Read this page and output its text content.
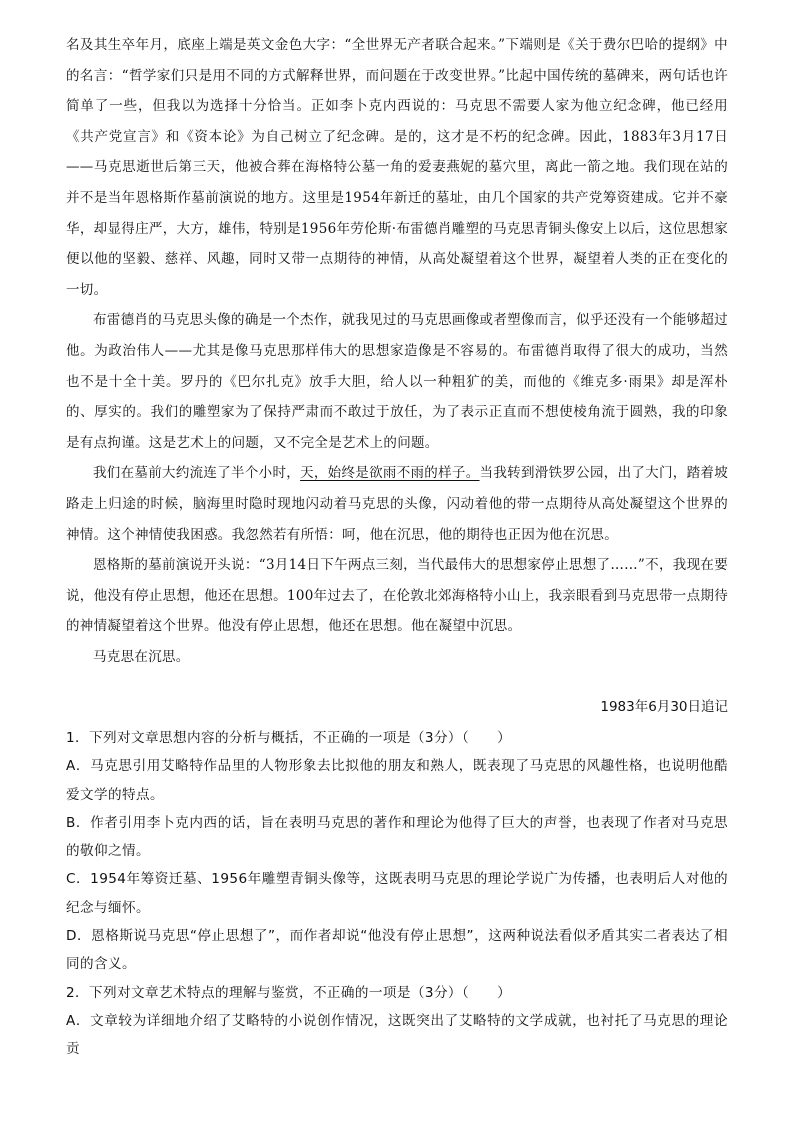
名及其生卒年月，底座上端是英文金色大字：“全世界无产者联合起来。”下端则是《关于费尔巴哈的提纲》中的名言：“哲学家们只是用不同的方式解释世界，而问题在于改变世界。”比起中国传统的墓碑来，两句话也许简单了一些，但我以为选择十分恰当。正如李卜克内西说的：马克思不需要人家为他立纪念碑，他已经用《共产党宣言》和《资本论》为自己树立了纪念碑。是的，这才是不朽的纪念碑。因此，1883年3月17日——马克思逝世后第三天，他被合葬在海格特公墓一角的爱妻燕妮的墓穴里，离此一箭之地。我们现在站的并不是当年恩格斯作墓前演说的地方。这里是1954年新迁的墓址，由几个国家的共产党筹资建成。它并不豪华，却显得庄严，大方，雄伟，特别是1956年劳伦斯·布雷德肖雕塑的马克思青铜头像安上以后，这位思想家便以他的坚毅、慈祥、风趣，同时又带一点期待的神情，从高处凝望着这个世界，凝望着人类的正在变化的一切。

布雷德肖的马克思头像的确是一个杰作，就我见过的马克思画像或者塑像而言，似乎还没有一个能够超过他。为政治伟人——尤其是像马克思那样伟大的思想家造像是不容易的。布雷德肖取得了很大的成功，当然也不是十全十美。罗丹的《巴尔扎克》放手大胆，给人以一种粗犷的美，而他的《维克多·雨果》却是浑朴的、厚实的。我们的雕塑家为了保持严肃而不敢过于放任，为了表示正直而不想使棱角流于圆熟，我的印象是有点拘谨。这是艺术上的问题，又不完全是艺术上的问题。

我们在墓前大约流连了半个小时，天，始终是欲雨不雨的样子。当我转到滑铁罗公园，出了大门，踏着坡路走上归途的时候，脑海里时隐时现地闪动着马克思的头像，闪动着他的带一点期待从高处凝望这个世界的神情。这个神情使我困惑。我忽然若有所悟：呵，他在沉思，他的期待也正因为他在沉思。

恩格斯的墓前演说开头说：“3月14日下午两点三刻，当代最伟大的思想家停止思想了……”不，我现在要说，他没有停止思想，他还在思想。100年过去了，在伦敦北郊海格特小山上，我亲眼看到马克思带一点期待的神情凝望着这个世界。他没有停止思想，他还在思想。他在凝望中沉思。

马克思在沉思。

1983年6月30日追记

1．下列对文章思想内容的分析与概括，不正确的一项是（3分）（　　）

A．马克思引用艾略特作品里的人物形象去比拟他的朋友和熟人，既表现了马克思的风趣性格，也说明他酷爱文学的特点。

B．作者引用李卜克内西的话，旨在表明马克思的著作和理论为他得了巨大的声誉，也表现了作者对马克思的敬仰之情。

C．1954年筹资迁墓、1956年雕塑青铜头像等，这既表明马克思的理论学说广为传播，也表明后人对他的纪念与缅怀。

D．恩格斯说马克思“停止思想了”，而作者却说“他没有停止思想”，这两种说法看似矛盾其实二者表达了相同的含义。

2．下列对文章艺术特点的理解与鉴赏，不正确的一项是（3分）（　　）

A．文章较为详细地介绍了艾略特的小说创作情况，这既突出了艾略特的文学成就，也衬托了马克思的理论贡
